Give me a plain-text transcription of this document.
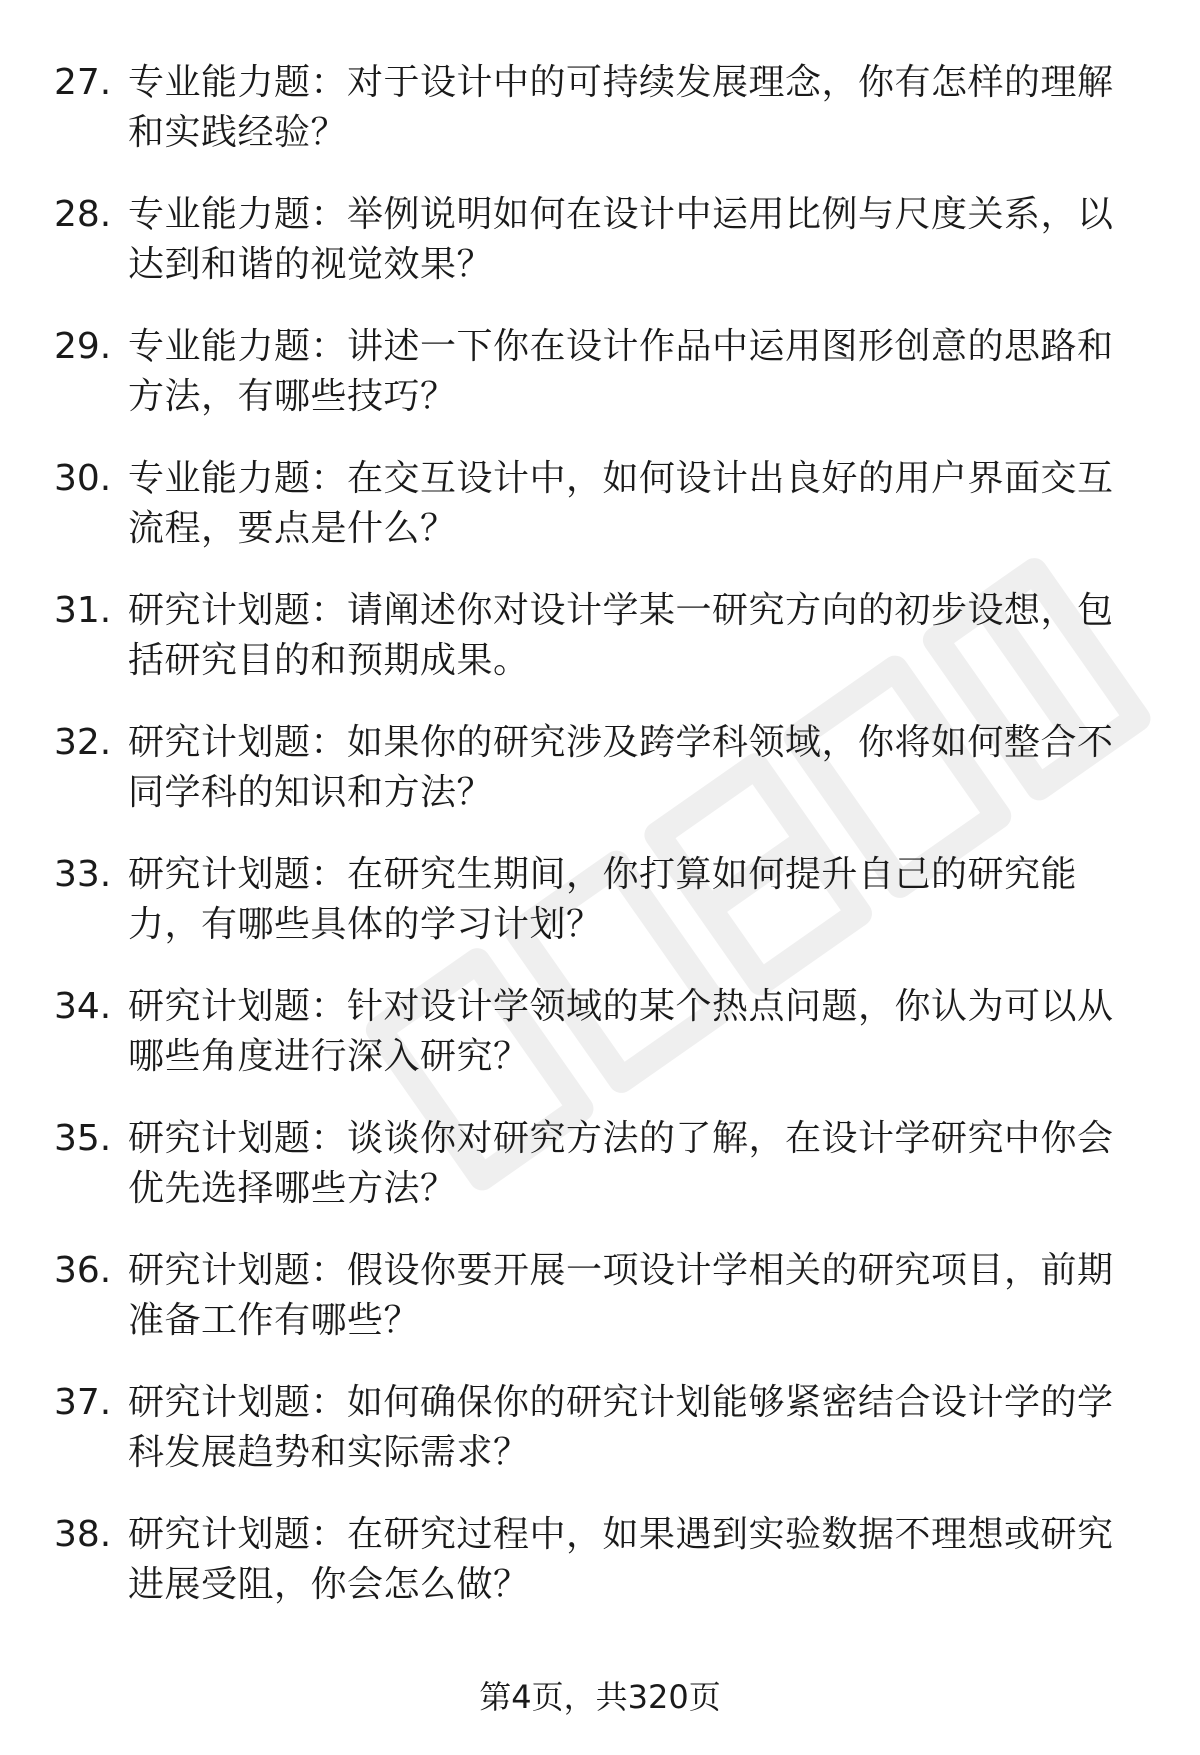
27. 专业能力题：对于设计中的可持续发展理念，你有怎样的理解和实践经验？
28. 专业能力题：举例说明如何在设计中运用比例与尺度关系，以达到和谐的视觉效果？
29. 专业能力题：讲述一下你在设计作品中运用图形创意的思路和方法，有哪些技巧？
30. 专业能力题：在交互设计中，如何设计出良好的用户界面交互流程，要点是什么？
31. 研究计划题：请阐述你对设计学某一研究方向的初步设想，包括研究目的和预期成果。
32. 研究计划题：如果你的研究涉及跨学科领域，你将如何整合不同学科的知识和方法？
33. 研究计划题：在研究生期间，你打算如何提升自己的研究能力，有哪些具体的学习计划？
34. 研究计划题：针对设计学领域的某个热点问题，你认为可以从哪些角度进行深入研究？
35. 研究计划题：谈谈你对研究方法的了解，在设计学研究中你会优先选择哪些方法？
36. 研究计划题：假设你要开展一项设计学相关的研究项目，前期准备工作有哪些？
37. 研究计划题：如何确保你的研究计划能够紧密结合设计学的学科发展趋势和实际需求？
38. 研究计划题：在研究过程中，如果遇到实验数据不理想或研究进展受阻，你会怎么做？
第4页，共320页
